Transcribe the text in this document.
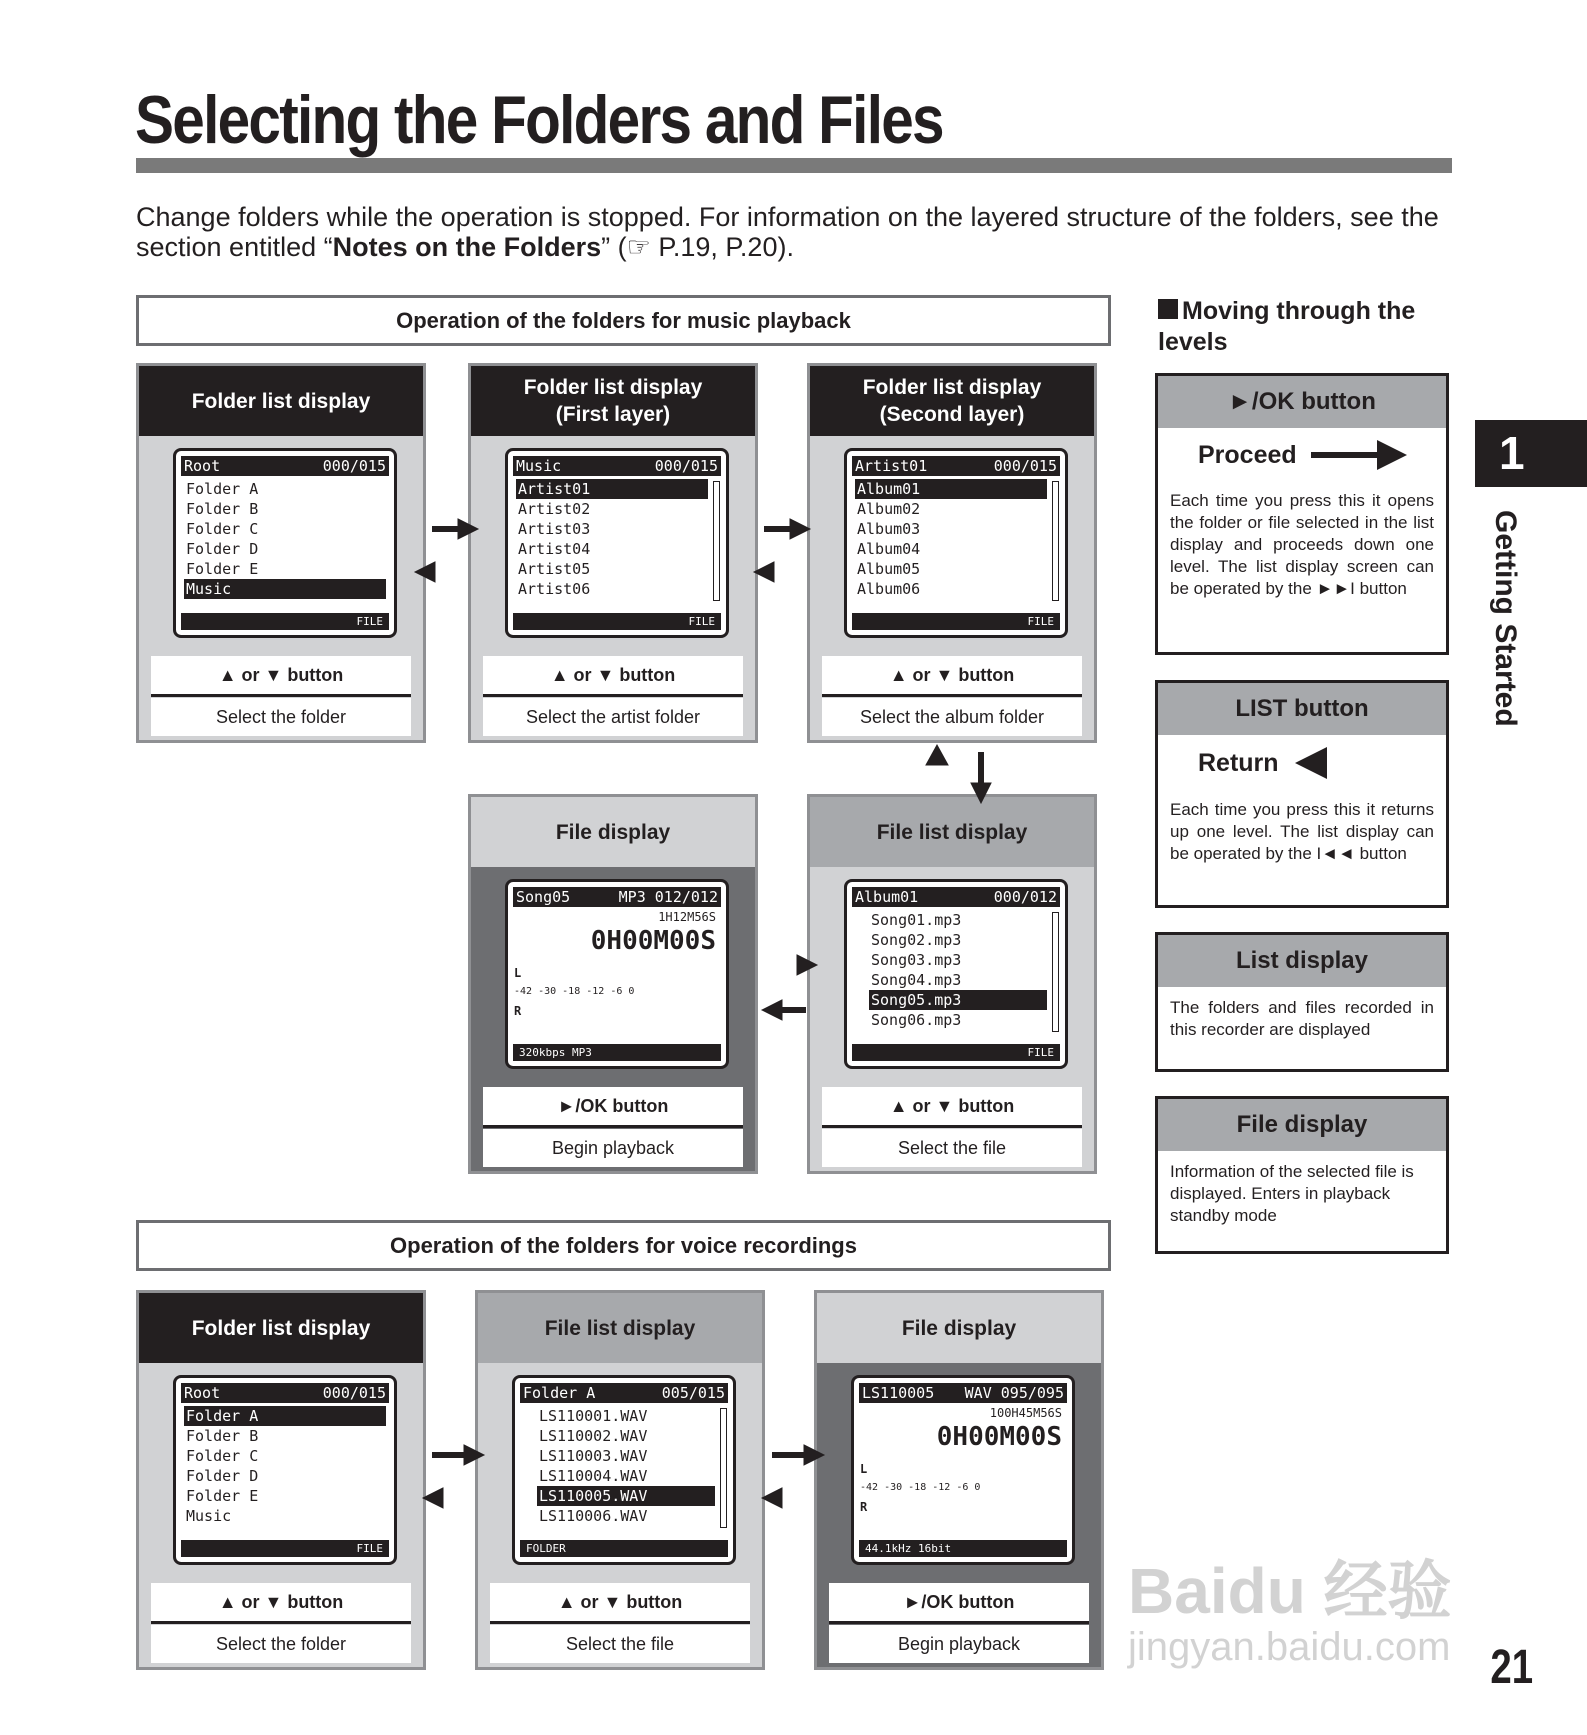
Selecting the Folders and Files
Change folders while the operation is stopped. For information on the layered structure of the folders, see the section entitled “Notes on the Folders” (☞ P.19, P.20).
Operation of the folders for music playback
Operation of the folders for voice recordings
Folder list display
Root	000/015
Folder A
Folder B
Folder C
Folder D
Folder E
Music
FILE
▲ or ▼ button
Select the folder
Folder list display
(First layer)
Music	000/015
Artist01
Artist02
Artist03
Artist04
Artist05
Artist06
FILE
▲ or ▼ button
Select the artist folder
Folder list display
(Second layer)
Artist01	000/015
Album01
Album02
Album03
Album04
Album05
Album06
FILE
▲ or ▼ button
Select the album folder
File display
Song05	MP3 012/012
1H12M56S
0H00M00S
L
-42 -30 -18 -12 -6 0
R
320kbps MP3
►/OK button
Begin playback
File list display
Album01	000/012
Song01.mp3
Song02.mp3
Song03.mp3
Song04.mp3
Song05.mp3
Song06.mp3
FILE
▲ or ▼ button
Select the file
Folder list display
Root	000/015
Folder A
Folder B
Folder C
Folder D
Folder E
Music
FILE
▲ or ▼ button
Select the folder
File list display
Folder A	005/015
LS110001.WAV
LS110002.WAV
LS110003.WAV
LS110004.WAV
LS110005.WAV
LS110006.WAV
FOLDER
▲ or ▼ button
Select the file
File display
LS110005 WAV 095/095
100H45M56S
0H00M00S
L
-42 -30 -18 -12 -6 0
R
44.1kHz 16bit
►/OK button
Begin playback
Moving through the levels
►/OK button
Proceed
Each time you press this it opens the folder or file selected in the list display and proceeds down one level. The list display screen can be operated by the ►►I button
LIST button
Return
Each time you press this it returns up one level. The list display can be operated by the I◄◄ button
List display
The folders and files recorded in this recorder are displayed
File display
Information of the selected file is displayed. Enters in playback standby mode
1
Getting Started
Baidu 经验
jingyan.baidu.com 21
